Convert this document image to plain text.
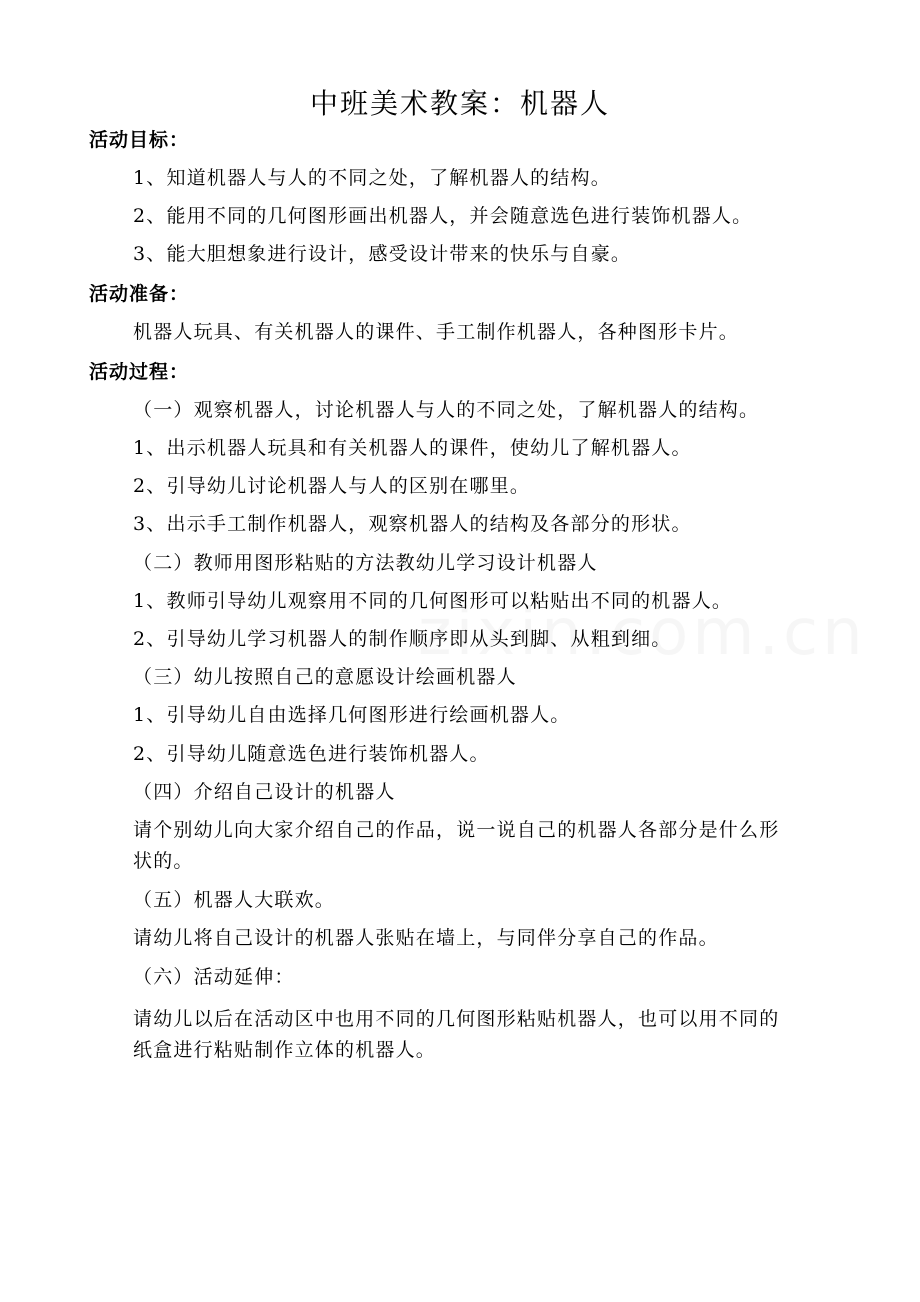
中班美术教案：机器人
活动目标：
1、知道机器人与人的不同之处，了解机器人的结构。
2、能用不同的几何图形画出机器人，并会随意选色进行装饰机器人。
3、能大胆想象进行设计，感受设计带来的快乐与自豪。
活动准备：
机器人玩具、有关机器人的课件、手工制作机器人，各种图形卡片。
活动过程：
（一）观察机器人，讨论机器人与人的不同之处，了解机器人的结构。
1、出示机器人玩具和有关机器人的课件，使幼儿了解机器人。
2、引导幼儿讨论机器人与人的区别在哪里。
3、出示手工制作机器人，观察机器人的结构及各部分的形状。
（二）教师用图形粘贴的方法教幼儿学习设计机器人
1、教师引导幼儿观察用不同的几何图形可以粘贴出不同的机器人。
2、引导幼儿学习机器人的制作顺序即从头到脚、从粗到细。
（三）幼儿按照自己的意愿设计绘画机器人
1、引导幼儿自由选择几何图形进行绘画机器人。
2、引导幼儿随意选色进行装饰机器人。
（四）介绍自己设计的机器人
请个别幼儿向大家介绍自己的作品，说一说自己的机器人各部分是什么形
状的。
（五）机器人大联欢。
请幼儿将自己设计的机器人张贴在墙上，与同伴分享自己的作品。
（六）活动延伸：
请幼儿以后在活动区中也用不同的几何图形粘贴机器人，也可以用不同的
纸盒进行粘贴制作立体的机器人。
